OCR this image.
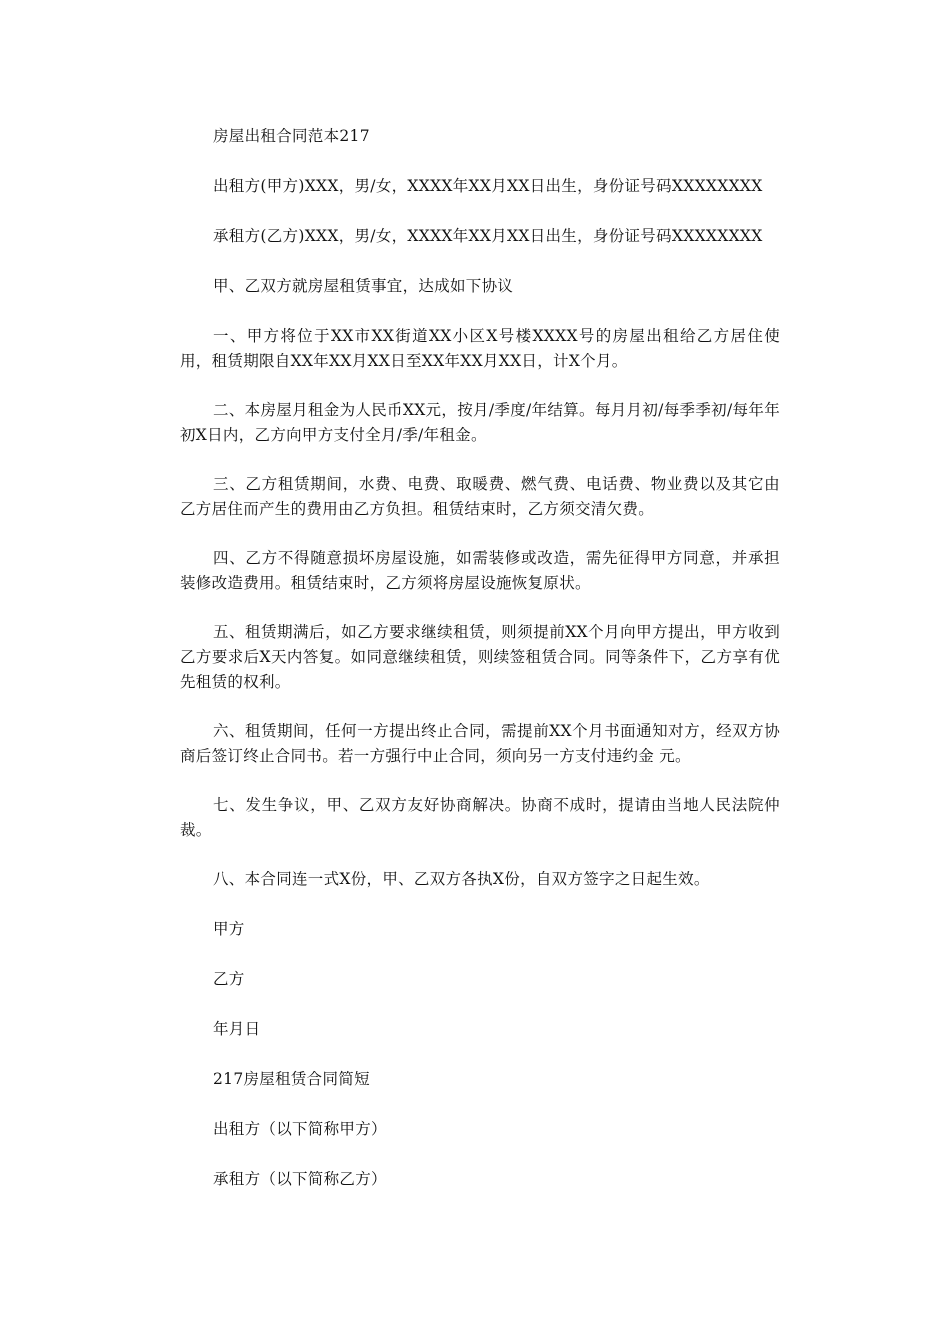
房屋出租合同范本217

出租方(甲方)XXX，男/女，XXXX年XX月XX日出生，身份证号码XXXXXXXX

承租方(乙方)XXX，男/女，XXXX年XX月XX日出生，身份证号码XXXXXXXX

甲、乙双方就房屋租赁事宜，达成如下协议

一、甲方将位于XX市XX街道XX小区X号楼XXXX号的房屋出租给乙方居住使用，租赁期限自XX年XX月XX日至XX年XX月XX日，计X个月。

二、本房屋月租金为人民币XX元，按月/季度/年结算。每月月初/每季季初/每年年初X日内，乙方向甲方支付全月/季/年租金。

三、乙方租赁期间，水费、电费、取暖费、燃气费、电话费、物业费以及其它由乙方居住而产生的费用由乙方负担。租赁结束时，乙方须交清欠费。

四、乙方不得随意损坏房屋设施，如需装修或改造，需先征得甲方同意，并承担装修改造费用。租赁结束时，乙方须将房屋设施恢复原状。

五、租赁期满后，如乙方要求继续租赁，则须提前XX个月向甲方提出，甲方收到乙方要求后X天内答复。如同意继续租赁，则续签租赁合同。同等条件下，乙方享有优先租赁的权利。

六、租赁期间，任何一方提出终止合同，需提前XX个月书面通知对方，经双方协商后签订终止合同书。若一方强行中止合同，须向另一方支付违约金 元。

七、发生争议，甲、乙双方友好协商解决。协商不成时，提请由当地人民法院仲裁。

八、本合同连一式X份，甲、乙双方各执X份，自双方签字之日起生效。

甲方

乙方

年月日

217房屋租赁合同简短

出租方（以下简称甲方）

承租方（以下简称乙方）
